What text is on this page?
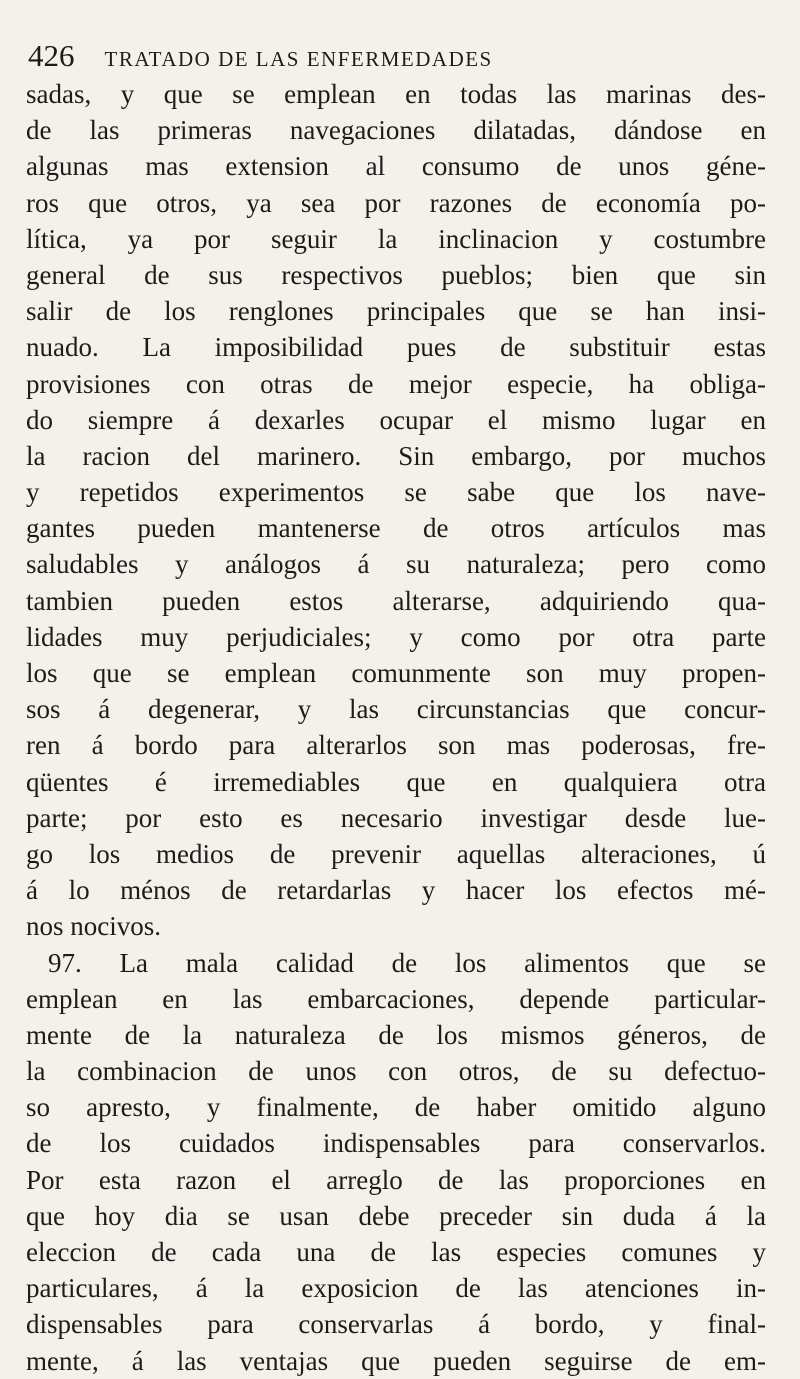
426 TRATADO DE LAS ENFERMEDADES
sadas, y que se emplean en todas las marinas des-
de las primeras navegaciones dilatadas, dándose en
algunas mas extension al consumo de unos géne-
ros que otros, ya sea por razones de economía po-
lítica, ya por seguir la inclinacion y costumbre
general de sus respectivos pueblos; bien que sin
salir de los renglones principales que se han insi-
nuado. La imposibilidad pues de substituir estas
provisiones con otras de mejor especie, ha obliga-
do siempre á dexarles ocupar el mismo lugar en
la racion del marinero. Sin embargo, por muchos
y repetidos experimentos se sabe que los nave-
gantes pueden mantenerse de otros artículos mas
saludables y análogos á su naturaleza; pero como
tambien pueden estos alterarse, adquiriendo qua-
lidades muy perjudiciales; y como por otra parte
los que se emplean comunmente son muy propen-
sos á degenerar, y las circunstancias que concur-
ren á bordo para alterarlos son mas poderosas, fre-
qüentes é irremediables que en qualquiera otra
parte; por esto es necesario investigar desde lue-
go los medios de prevenir aquellas alteraciones, ú
á lo ménos de retardarlas y hacer los efectos mé-
nos nocivos.
97. La mala calidad de los alimentos que se
emplean en las embarcaciones, depende particular-
mente de la naturaleza de los mismos géneros, de
la combinacion de unos con otros, de su defectuo-
so apresto, y finalmente, de haber omitido alguno
de los cuidados indispensables para conservarlos.
Por esta razon el arreglo de las proporciones en
que hoy dia se usan debe preceder sin duda á la
eleccion de cada una de las especies comunes y
particulares, á la exposicion de las atenciones in-
dispensables para conservarlas á bordo, y final-
mente, á las ventajas que pueden seguirse de em-
